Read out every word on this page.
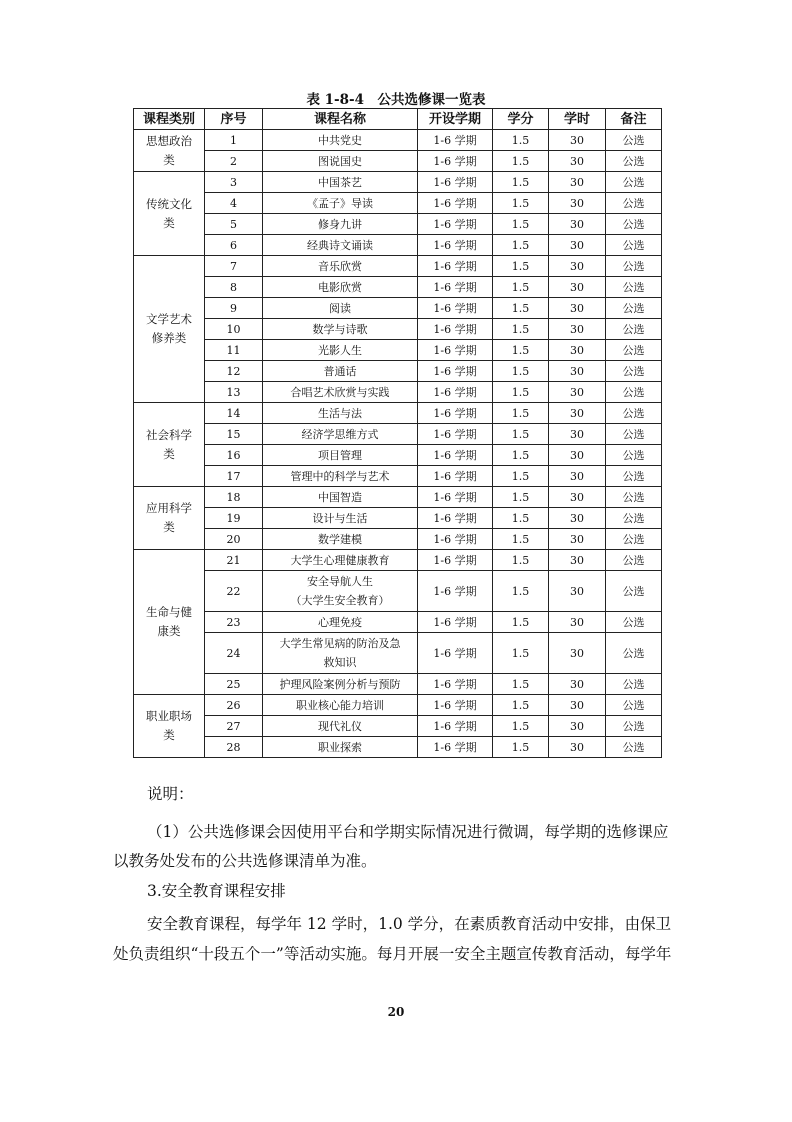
表 1-8-4　公共选修课一览表
课程类别	序号	课程名称	开设学期	学分	学时	备注

思想政治
类	1	中共党史	1-6 学期	1.5	30	公选
	2	图说国史	1-6 学期	1.5	30	公选

传统文化
类	3	中国茶艺	1-6 学期	1.5	30	公选
	4	《孟子》导读	1-6 学期	1.5	30	公选
	5	修身九讲	1-6 学期	1.5	30	公选
	6	经典诗文诵读	1-6 学期	1.5	30	公选

文学艺术
修养类	7	音乐欣赏	1-6 学期	1.5	30	公选
	8	电影欣赏	1-6 学期	1.5	30	公选
	9	阅读	1-6 学期	1.5	30	公选
	10	数学与诗歌	1-6 学期	1.5	30	公选
	11	光影人生	1-6 学期	1.5	30	公选
	12	普通话	1-6 学期	1.5	30	公选
	13	合唱艺术欣赏与实践	1-6 学期	1.5	30	公选

社会科学
类	14	生活与法	1-6 学期	1.5	30	公选
	15	经济学思维方式	1-6 学期	1.5	30	公选
	16	项目管理	1-6 学期	1.5	30	公选
	17	管理中的科学与艺术	1-6 学期	1.5	30	公选

应用科学
类	18	中国智造	1-6 学期	1.5	30	公选
	19	设计与生活	1-6 学期	1.5	30	公选
	20	数学建模	1-6 学期	1.5	30	公选

生命与健
康类	21	大学生心理健康教育	1-6 学期	1.5	30	公选
	22	安全导航人生
（大学生安全教育）	1-6 学期	1.5	30	公选
	23	心理免疫	1-6 学期	1.5	30	公选
	24	大学生常见病的防治及急
救知识	1-6 学期	1.5	30	公选
	25	护理风险案例分析与预防	1-6 学期	1.5	30	公选

职业职场
类	26	职业核心能力培训	1-6 学期	1.5	30	公选
	27	现代礼仪	1-6 学期	1.5	30	公选
	28	职业探索	1-6 学期	1.5	30	公选
说明：
（1）公共选修课会因使用平台和学期实际情况进行微调，每学期的选修课应
以教务处发布的公共选修课清单为准。
3.安全教育课程安排
安全教育课程，每学年 12 学时，1.0 学分，在素质教育活动中安排，由保卫
处负责组织“十段五个一”等活动实施。每月开展一安全主题宣传教育活动，每学年
20
